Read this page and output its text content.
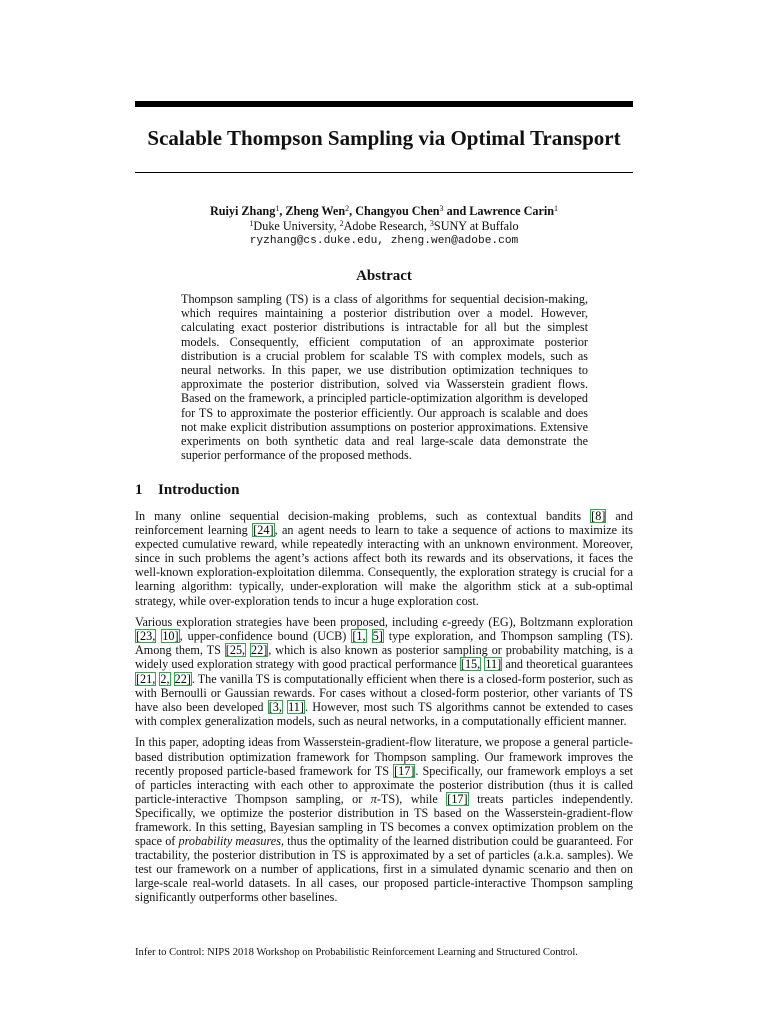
Scalable Thompson Sampling via Optimal Transport
Ruiyi Zhang$^1$, Zheng Wen$^2$, Changyou Chen$^3$ and Lawrence Carin$^1$
$^1$Duke University, $^2$Adobe Research, $^3$SUNY at Buffalo
ryzhang@cs.duke.edu, zheng.wen@adobe.com
Abstract

Thompson sampling (TS) is a class of algorithms for sequential decision-making, which requires maintaining a posterior distribution over a model. However, calculating exact posterior distributions is intractable for all but the simplest models. Consequently, efficient computation of an approximate posterior distribution is a crucial problem for scalable TS with complex models, such as neural networks. In this paper, we use distribution optimization techniques to approximate the posterior distribution, solved via Wasserstein gradient flows. Based on the framework, a principled particle-optimization algorithm is developed for TS to approximate the posterior efficiently. Our approach is scalable and does not make explicit distribution assumptions on posterior approximations. Extensive experiments on both synthetic data and real large-scale data demonstrate the superior performance of the proposed methods.

1 Introduction

In many online sequential decision-making problems, such as contextual bandits [8] and reinforcement learning [24], an agent needs to learn to take a sequence of actions to maximize its expected cumulative reward, while repeatedly interacting with an unknown environment. Moreover, since in such problems the agent’s actions affect both its rewards and its observations, it faces the well-known exploration-exploitation dilemma. Consequently, the exploration strategy is crucial for a learning algorithm: typically, under-exploration will make the algorithm stick at a sub-optimal strategy, while over-exploration tends to incur a huge exploration cost.

Various exploration strategies have been proposed, including ϵ-greedy (EG), Boltzmann exploration [23, 10], upper-confidence bound (UCB) [1, 5] type exploration, and Thompson sampling (TS). Among them, TS [25, 22], which is also known as posterior sampling or probability matching, is a widely used exploration strategy with good practical performance [15, 11] and theoretical guarantees [21, 2, 22]. The vanilla TS is computationally efficient when there is a closed-form posterior, such as with Bernoulli or Gaussian rewards. For cases without a closed-form posterior, other variants of TS have also been developed [3, 11]. However, most such TS algorithms cannot be extended to cases with complex generalization models, such as neural networks, in a computationally efficient manner.

In this paper, adopting ideas from Wasserstein-gradient-flow literature, we propose a general particle-based distribution optimization framework for Thompson sampling. Our framework improves the recently proposed particle-based framework for TS [17]. Specifically, our framework employs a set of particles interacting with each other to approximate the posterior distribution (thus it is called particle-interactive Thompson sampling, or π-TS), while [17] treats particles independently. Specifically, we optimize the posterior distribution in TS based on the Wasserstein-gradient-flow framework. In this setting, Bayesian sampling in TS becomes a convex optimization problem on the space of probability measures, thus the optimality of the learned distribution could be guaranteed. For tractability, the posterior distribution in TS is approximated by a set of particles (a.k.a. samples). We test our framework on a number of applications, first in a simulated dynamic scenario and then on large-scale real-world datasets. In all cases, our proposed particle-interactive Thompson sampling significantly outperforms other baselines.

Infer to Control: NIPS 2018 Workshop on Probabilistic Reinforcement Learning and Structured Control.
